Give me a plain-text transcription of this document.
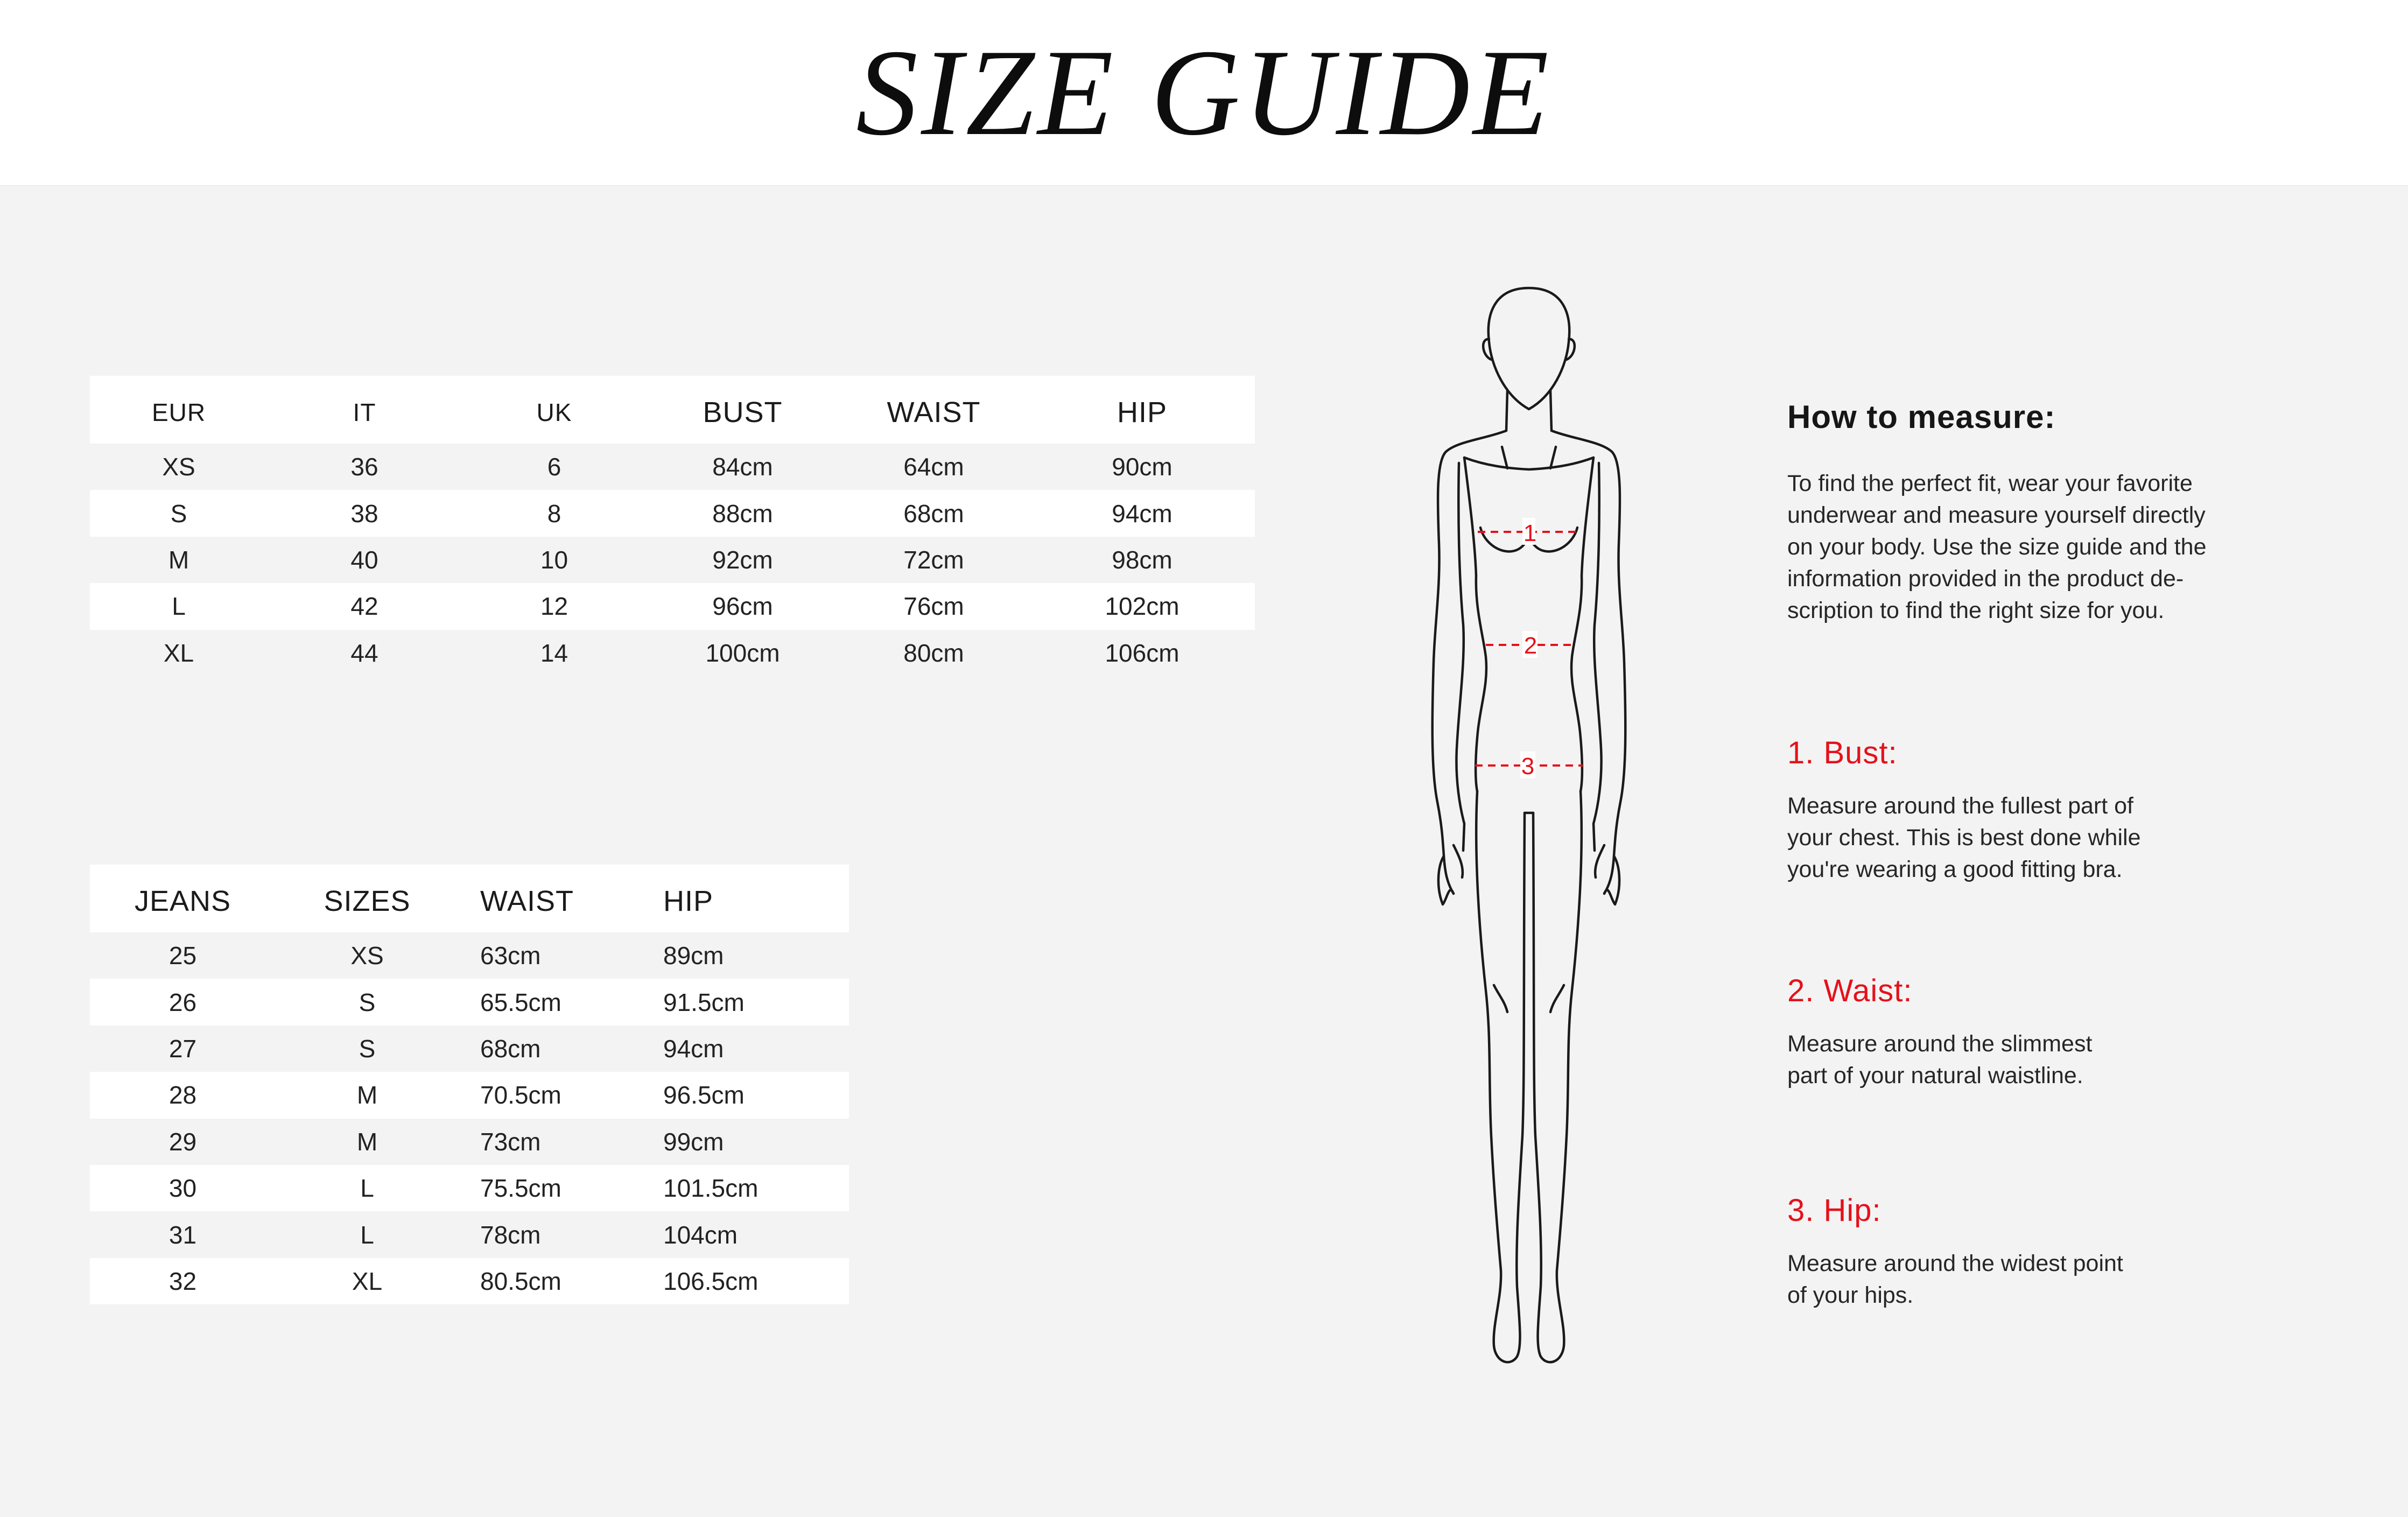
SIZE GUIDE
EUR	IT	UK	BUST	WAIST	HIP
XS	36	6	84cm	64cm	90cm
S	38	8	88cm	68cm	94cm
M	40	10	92cm	72cm	98cm
L	42	12	96cm	76cm	102cm
XL	44	14	100cm	80cm	106cm
JEANS	SIZES	WAIST	HIP
25	XS	63cm	89cm
26	S	65.5cm	91.5cm
27	S	68cm	94cm
28	M	70.5cm	96.5cm
29	M	73cm	99cm
30	L	75.5cm	101.5cm
31	L	78cm	104cm
32	XL	80.5cm	106.5cm
1
2
3
How to measure:
To find the perfect fit, wear your favorite
underwear and measure yourself directly
on your body. Use the size guide and the
information provided in the product de-
scription to find the right size for you.
1. Bust:
Measure around the fullest part of
your chest. This is best done while
you're wearing a good fitting bra.
2. Waist:
Measure around the slimmest
part of your natural waistline.
3. Hip:
Measure around the widest point
of your hips.
